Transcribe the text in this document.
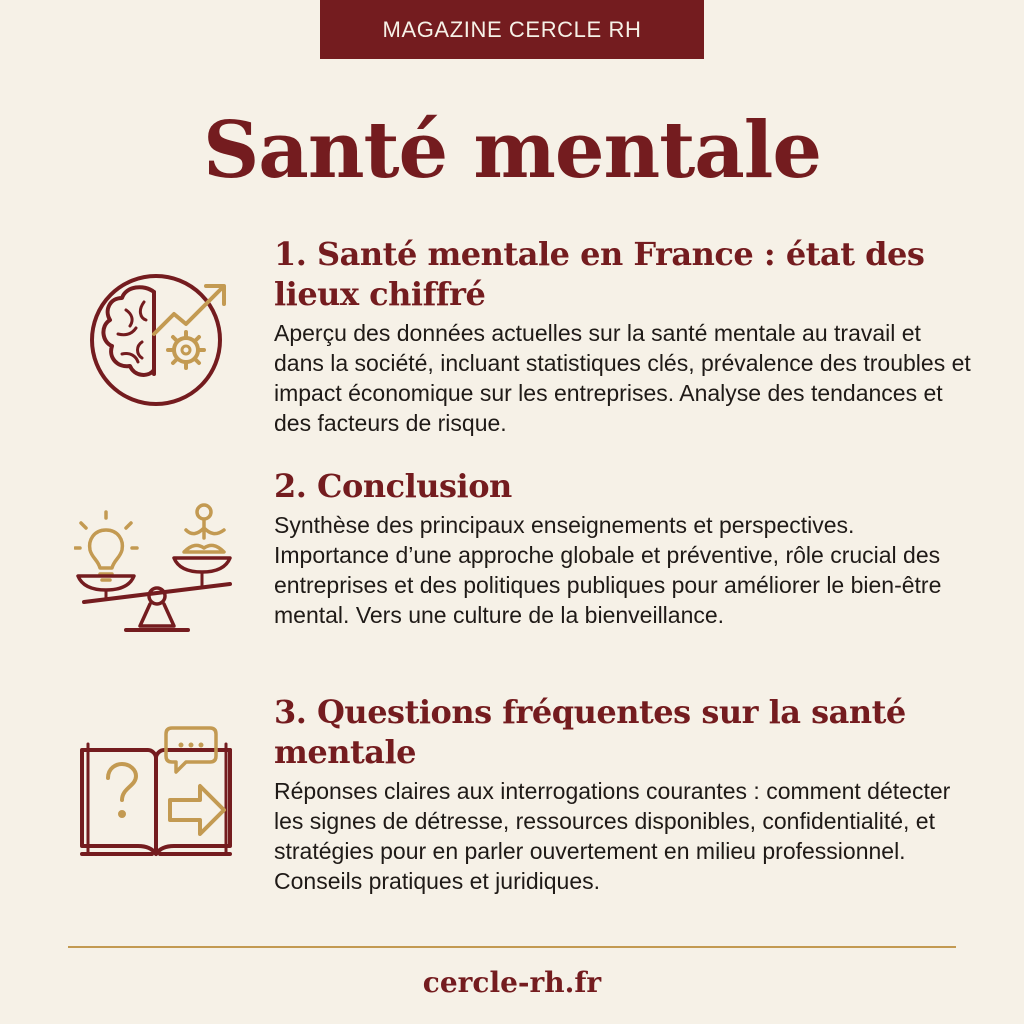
MAGAZINE CERCLE RH
Santé mentale
1. Santé mentale en France : état des lieux chiffré
Aperçu des données actuelles sur la santé mentale au travail et dans la société, incluant statistiques clés, prévalence des troubles et impact économique sur les entreprises. Analyse des tendances et des facteurs de risque.
2. Conclusion
Synthèse des principaux enseignements et perspectives. Importance d’une approche globale et préventive, rôle crucial des entreprises et des politiques publiques pour améliorer le bien-être mental. Vers une culture de la bienveillance.
3. Questions fréquentes sur la santé mentale
Réponses claires aux interrogations courantes : comment détecter les signes de détresse, ressources disponibles, confidentialité, et stratégies pour en parler ouvertement en milieu professionnel. Conseils pratiques et juridiques.
cercle-rh.fr
